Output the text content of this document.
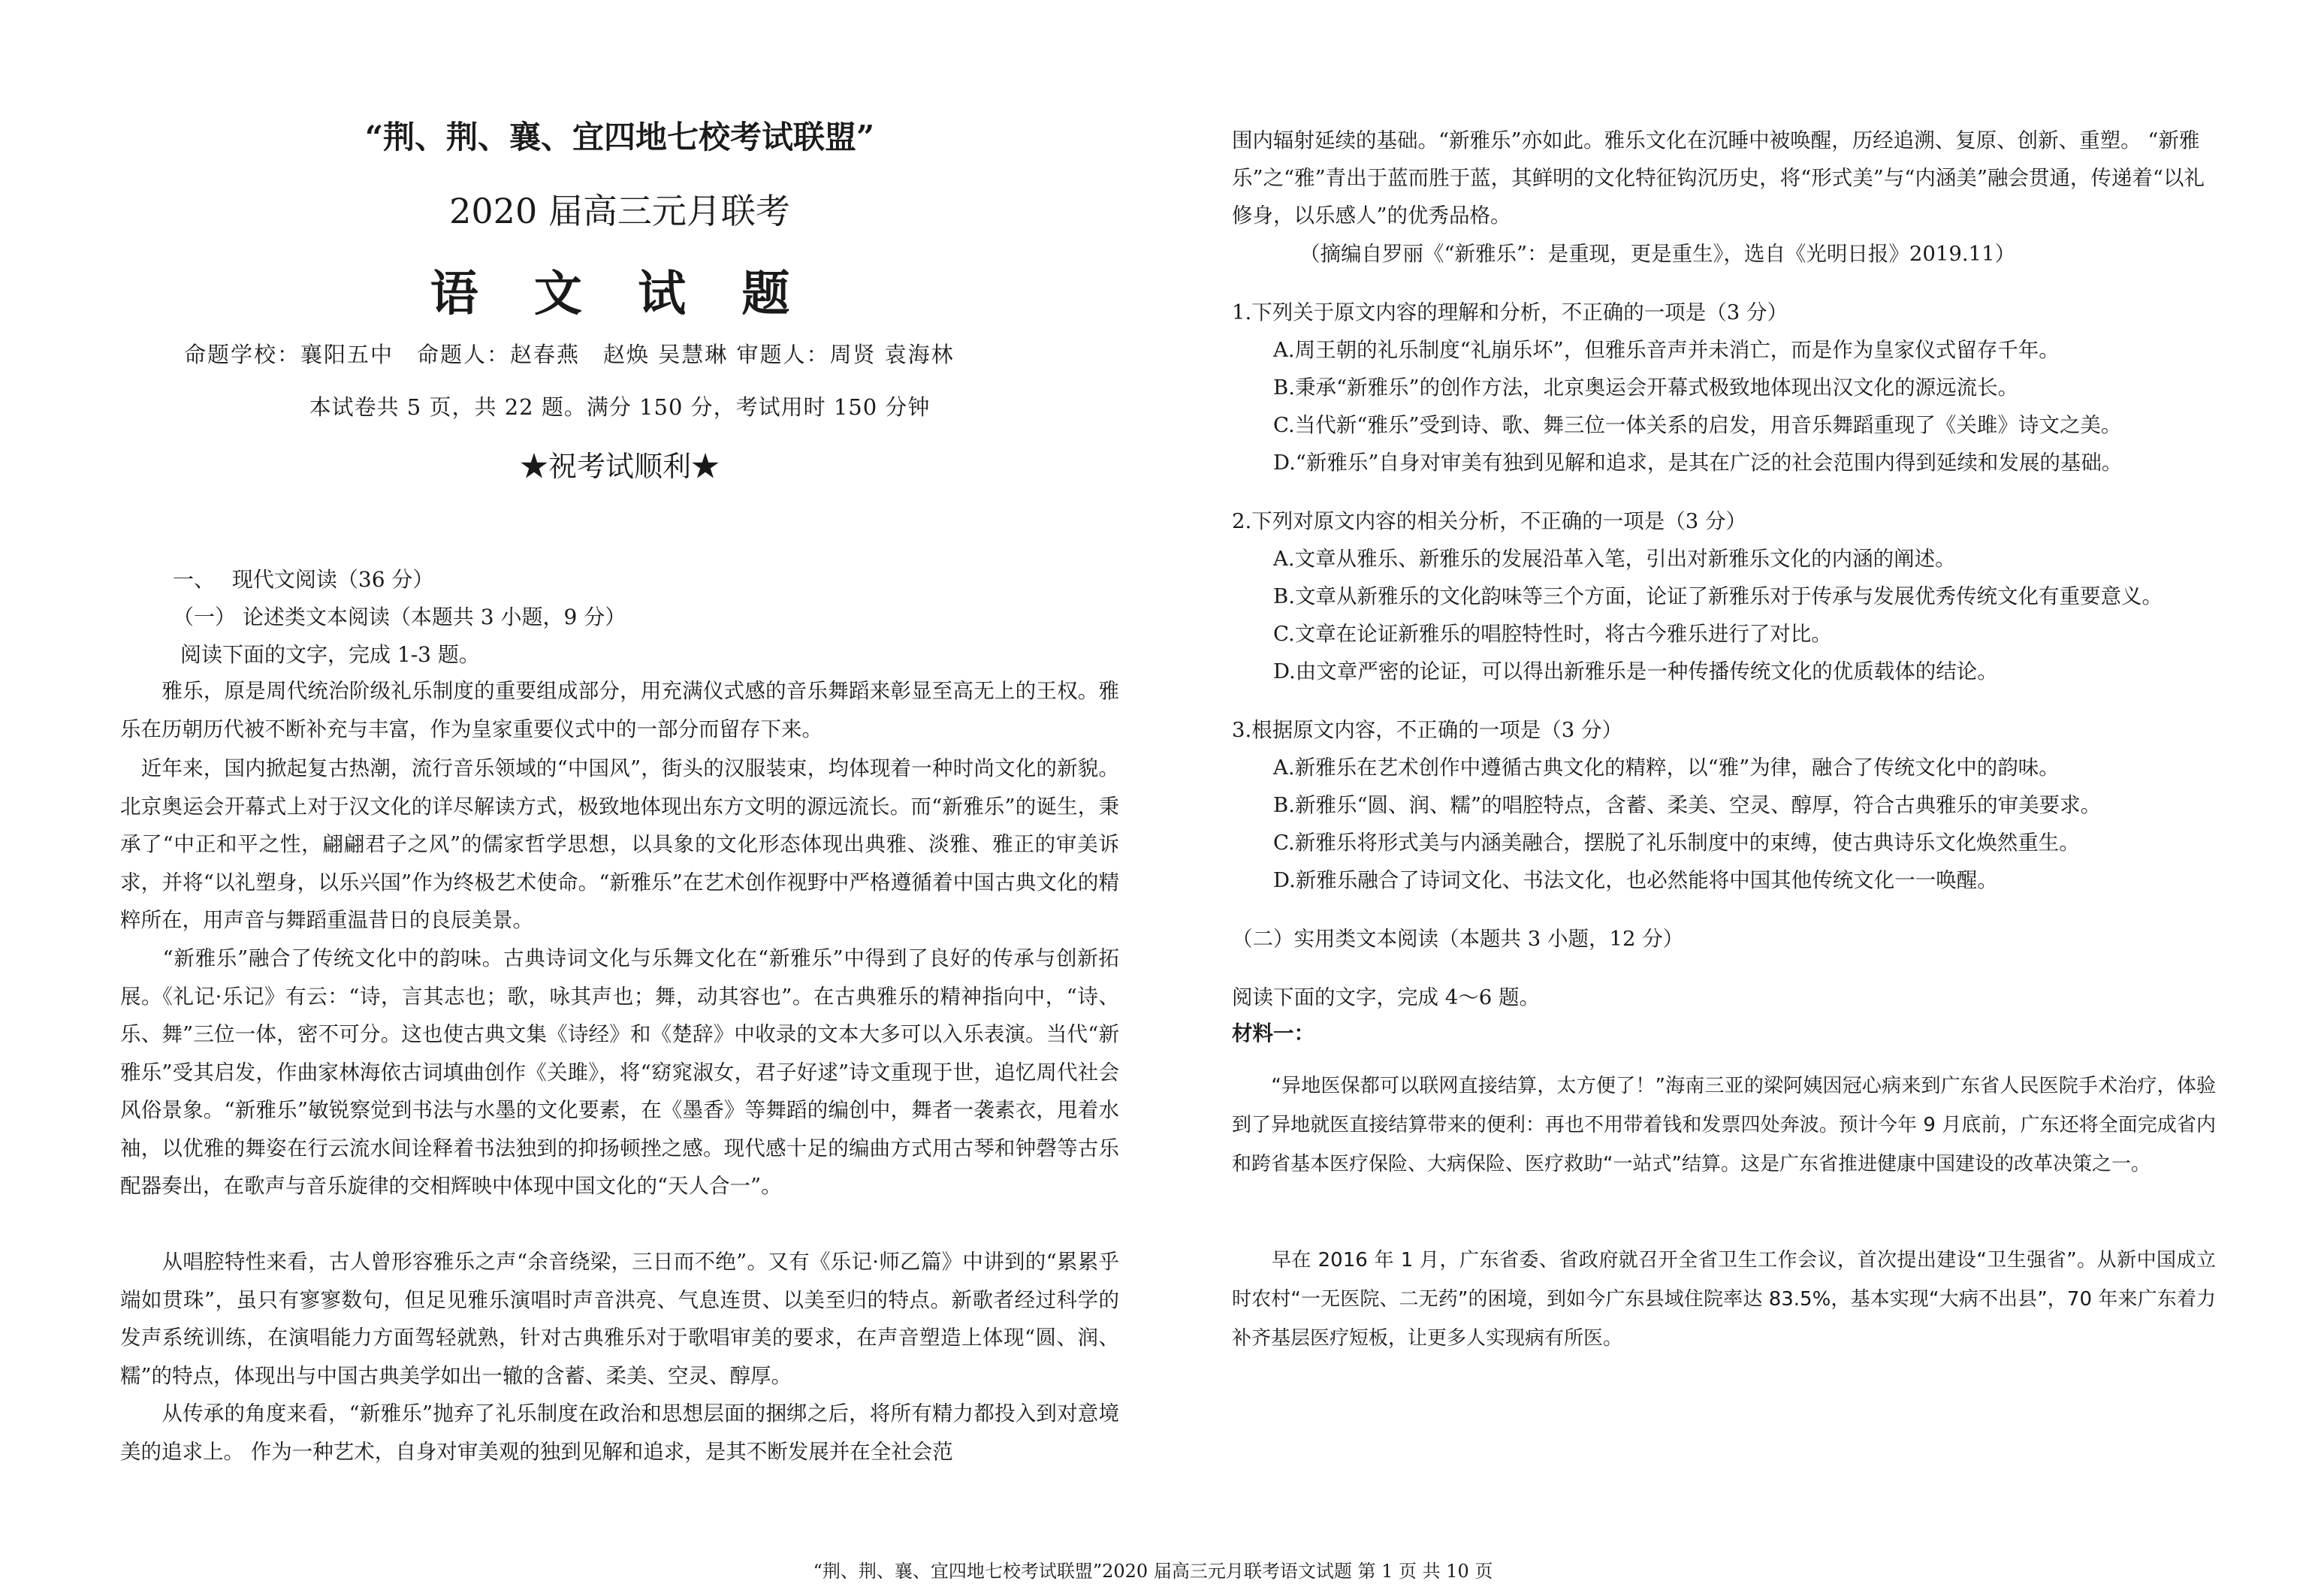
“荆、荆、襄、宜四地七校考试联盟”
2020 届高三元月联考
语 文 试 题
命题学校：襄阳五中　命题人：赵春燕　赵焕 吴慧琳 审题人：周贤 袁海林
本试卷共 5 页，共 22 题。满分 150 分，考试用时 150 分钟
★祝考试顺利★
一、　 现代文阅读（36 分）
（一） 论述类文本阅读（本题共 3 小题，9 分）
阅读下面的文字，完成 1-3 题。
　　雅乐，原是周代统治阶级礼乐制度的重要组成部分，用充满仪式感的音乐舞蹈来彰显至高无上的王权。雅乐在历朝历代被不断补充与丰富，作为皇家重要仪式中的一部分而留存下来。
　近年来，国内掀起复古热潮，流行音乐领域的“中国风”，街头的汉服装束，均体现着一种时尚文化的新貌。北京奥运会开幕式上对于汉文化的详尽解读方式，极致地体现出东方文明的源远流长。而“新雅乐”的诞生，秉承了“中正和平之性，翩翩君子之风”的儒家哲学思想，以具象的文化形态体现出典雅、淡雅、雅正的审美诉求，并将“以礼塑身，以乐兴国”作为终极艺术使命。“新雅乐”在艺术创作视野中严格遵循着中国古典文化的精粹所在，用声音与舞蹈重温昔日的良辰美景。
　　“新雅乐”融合了传统文化中的韵味。古典诗词文化与乐舞文化在“新雅乐”中得到了良好的传承与创新拓展。《礼记·乐记》有云：“诗，言其志也；歌，咏其声也；舞，动其容也”。在古典雅乐的精神指向中，“诗、乐、舞”三位一体，密不可分。这也使古典文集《诗经》和《楚辞》中收录的文本大多可以入乐表演。当代“新雅乐”受其启发，作曲家林海依古词填曲创作《关雎》，将“窈窕淑女，君子好逑”诗文重现于世，追忆周代社会风俗景象。“新雅乐”敏锐察觉到书法与水墨的文化要素，在《墨香》等舞蹈的编创中，舞者一袭素衣，甩着水袖，以优雅的舞姿在行云流水间诠释着书法独到的抑扬顿挫之感。现代感十足的编曲方式用古琴和钟磬等古乐配器奏出，在歌声与音乐旋律的交相辉映中体现中国文化的“天人合一”。
　　从唱腔特性来看，古人曾形容雅乐之声“余音绕梁，三日而不绝”。又有《乐记·师乙篇》中讲到的“累累乎端如贯珠”，虽只有寥寥数句，但足见雅乐演唱时声音洪亮、气息连贯、以美至归的特点。新歌者经过科学的发声系统训练，在演唱能力方面驾轻就熟，针对古典雅乐对于歌唱审美的要求，在声音塑造上体现“圆、润、糯”的特点，体现出与中国古典美学如出一辙的含蓄、柔美、空灵、醇厚。
　　从传承的角度来看，“新雅乐”抛弃了礼乐制度在政治和思想层面的捆绑之后，将所有精力都投入到对意境美的追求上。 作为一种艺术，自身对审美观的独到见解和追求，是其不断发展并在全社会范
围内辐射延续的基础。“新雅乐”亦如此。雅乐文化在沉睡中被唤醒，历经追溯、复原、创新、重塑。 “新雅乐”之“雅”青出于蓝而胜于蓝，其鲜明的文化特征钩沉历史，将“形式美”与“内涵美”融会贯通，传递着“以礼修身，以乐感人”的优秀品格。
（摘编自罗丽《“新雅乐”：是重现，更是重生》，选自《光明日报》2019.11）
1.下列关于原文内容的理解和分析，不正确的一项是（3 分）
A.周王朝的礼乐制度“礼崩乐坏”，但雅乐音声并未消亡，而是作为皇家仪式留存千年。
B.秉承“新雅乐”的创作方法，北京奥运会开幕式极致地体现出汉文化的源远流长。
C.当代新“雅乐”受到诗、歌、舞三位一体关系的启发，用音乐舞蹈重现了《关雎》诗文之美。
D.“新雅乐”自身对审美有独到见解和追求，是其在广泛的社会范围内得到延续和发展的基础。
2.下列对原文内容的相关分析，不正确的一项是（3 分）
A.文章从雅乐、新雅乐的发展沿革入笔，引出对新雅乐文化的内涵的阐述。
B.文章从新雅乐的文化韵味等三个方面，论证了新雅乐对于传承与发展优秀传统文化有重要意义。
C.文章在论证新雅乐的唱腔特性时，将古今雅乐进行了对比。
D.由文章严密的论证，可以得出新雅乐是一种传播传统文化的优质载体的结论。
3.根据原文内容，不正确的一项是（3 分）
A.新雅乐在艺术创作中遵循古典文化的精粹，以“雅”为律，融合了传统文化中的韵味。
B.新雅乐“圆、润、糯”的唱腔特点，含蓄、柔美、空灵、醇厚，符合古典雅乐的审美要求。
C.新雅乐将形式美与内涵美融合，摆脱了礼乐制度中的束缚，使古典诗乐文化焕然重生。
D.新雅乐融合了诗词文化、书法文化，也必然能将中国其他传统文化一一唤醒。
（二）实用类文本阅读（本题共 3 小题，12 分）
阅读下面的文字，完成 4～6 题。
材料一：
　　“异地医保都可以联网直接结算，太方便了！”海南三亚的梁阿姨因冠心病来到广东省人民医院手术治疗，体验到了异地就医直接结算带来的便利：再也不用带着钱和发票四处奔波。预计今年 9 月底前，广东还将全面完成省内和跨省基本医疗保险、大病保险、医疗救助“一站式”结算。这是广东省推进健康中国建设的改革决策之一。
　　早在 2016 年 1 月，广东省委、省政府就召开全省卫生工作会议，首次提出建设“卫生强省”。从新中国成立时农村“一无医院、二无药”的困境，到如今广东县域住院率达 83.5%，基本实现“大病不出县”，70 年来广东着力补齐基层医疗短板，让更多人实现病有所医。
“荆、荆、襄、宜四地七校考试联盟”2020 届高三元月联考语文试题 第 1 页 共 10 页
